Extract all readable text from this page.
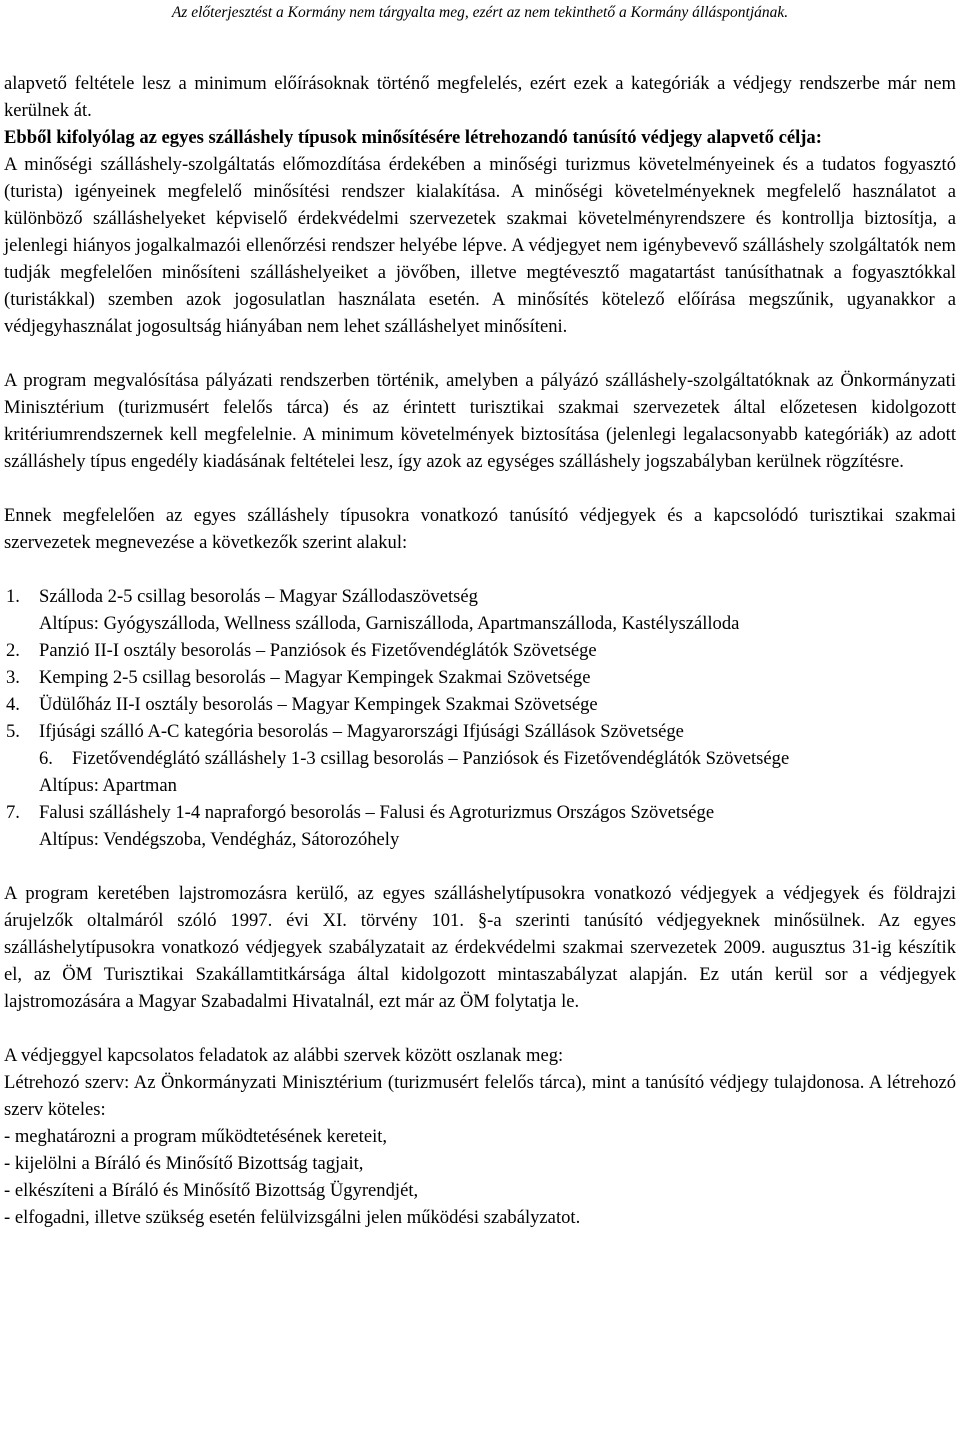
Az előterjesztést a Kormány nem tárgyalta meg, ezért az nem tekinthető a Kormány álláspontjának.

alapvető feltétele lesz a minimum előírásoknak történő megfelelés, ezért ezek a kategóriák a védjegy rendszerbe már nem kerülnek át.

Ebből kifolyólag az egyes szálláshely típusok minősítésére létrehozandó tanúsító védjegy alapvető célja:

A minőségi szálláshely-szolgáltatás előmozdítása érdekében a minőségi turizmus követelményeinek és a tudatos fogyasztó (turista) igényeinek megfelelő minősítési rendszer kialakítása. A minőségi követelményeknek megfelelő használatot a különböző szálláshelyeket képviselő érdekvédelmi szervezetek szakmai követelményrendszere és kontrollja biztosítja, a jelenlegi hiányos jogalkalmazói ellenőrzési rendszer helyébe lépve. A védjegyet nem igénybevevő szálláshely szolgáltatók nem tudják megfelelően minősíteni szálláshelyeiket a jövőben, illetve megtévesztő magatartást tanúsíthatnak a fogyasztókkal (turistákkal) szemben azok jogosulatlan használata esetén. A minősítés kötelező előírása megszűnik, ugyanakkor a védjegyhasználat jogosultság hiányában nem lehet szálláshelyet minősíteni.

A program megvalósítása pályázati rendszerben történik, amelyben a pályázó szálláshely-szolgáltatóknak az Önkormányzati Minisztérium (turizmusért felelős tárca) és az érintett turisztikai szakmai szervezetek által előzetesen kidolgozott kritériumrendszernek kell megfelelnie. A minimum követelmények biztosítása (jelenlegi legalacsonyabb kategóriák) az adott szálláshely típus engedély kiadásának feltételei lesz, így azok az egységes szálláshely jogszabályban kerülnek rögzítésre.

Ennek megfelelően az egyes szálláshely típusokra vonatkozó tanúsító védjegyek és a kapcsolódó turisztikai szakmai szervezetek megnevezése a következők szerint alakul:

1. Szálloda 2-5 csillag besorolás – Magyar Szállodaszövetség
Altípus: Gyógyszálloda, Wellness szálloda, Garniszálloda, Apartmanszálloda, Kastélyszálloda
2. Panzió II-I osztály besorolás – Panziósok és Fizetővendéglátók Szövetsége
3. Kemping 2-5 csillag besorolás – Magyar Kempingek Szakmai Szövetsége
4. Üdülőház II-I osztály besorolás – Magyar Kempingek Szakmai Szövetsége
5. Ifjúsági szálló A-C kategória besorolás – Magyarországi Ifjúsági Szállások Szövetsége
6. Fizetővendéglátó szálláshely 1-3 csillag besorolás – Panziósok és Fizetővendéglátók Szövetsége
Altípus: Apartman
7. Falusi szálláshely 1-4 napraforgó besorolás – Falusi és Agroturizmus Országos Szövetsége
Altípus: Vendégszoba, Vendégház, Sátorozóhely

A program keretében lajstromozásra kerülő, az egyes szálláshelytípusokra vonatkozó védjegyek a védjegyek és földrajzi árujelzők oltalmáról szóló 1997. évi XI. törvény 101. §-a szerinti tanúsító védjegyeknek minősülnek. Az egyes szálláshelytípusokra vonatkozó védjegyek szabályzatait az érdekvédelmi szakmai szervezetek 2009. augusztus 31-ig készítik el, az ÖM Turisztikai Szakállamtitkársága által kidolgozott mintaszabályzat alapján. Ez után kerül sor a védjegyek lajstromozására a Magyar Szabadalmi Hivatalnál, ezt már az ÖM folytatja le.

A védjeggyel kapcsolatos feladatok az alábbi szervek között oszlanak meg:

Létrehozó szerv: Az Önkormányzati Minisztérium (turizmusért felelős tárca), mint a tanúsító védjegy tulajdonosa. A létrehozó szerv köteles:

- meghatározni a program működtetésének kereteit,

- kijelölni a Bíráló és Minősítő Bizottság tagjait,

- elkészíteni a Bíráló és Minősítő Bizottság Ügyrendjét,

- elfogadni, illetve szükség esetén felülvizsgálni jelen működési szabályzatot.
